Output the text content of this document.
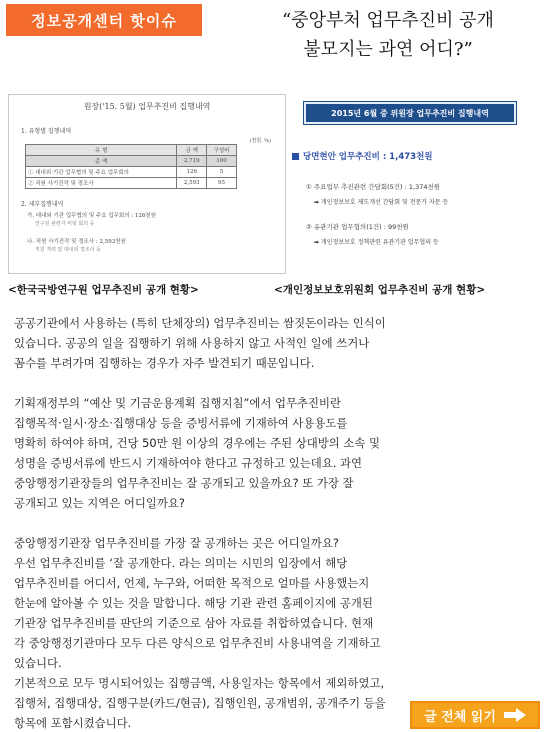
정보공개센터 핫이슈	“중앙부처 업무추진비 공개
불모지는 과연 어디?”
원장('15. 5월) 업무추진비 집행내역
1. 유형별 집행내역
(천원, %)
유 형	금 액	구성비
총 액	2,719	100
① 대내외 기관 업무협의 및 주요 업무회의	126	5
② 직원 사기진작 및 경조사	2,593	95
2. 세부집행내역
가. 대내외 기관 업무협의 및 주요 업무회의 : 126천원
연구원 관련자 미팅 회의 등
나. 직원 사기진작 및 경조사 : 2,593천원
직원 격려 및 대내외 경조사 등
2015년 6월 중 위원장 업무추진비 집행내역
당면현안 업무추진비 : 1,473천원
① 주요업무 추진관련 간담회(5건) : 1,374천원
➡ 개인정보보호 제도개선 간담회 및 전문가 자문 등
② 유관기관 업무협의(1건) : 99천원
➡ 개인정보보호 정책관련 유관기관 업무협의 등
<한국국방연구원 업무추진비 공개 현황>	<개인정보보호위원회 업무추진비 공개 현황>

공공기관에서 사용하는 (특히 단체장의) 업무추진비는 쌈짓돈이라는 인식이

있습니다. 공공의 일을 집행하기 위해 사용하지 않고 사적인 일에 쓰거나

꼼수를 부려가며 집행하는 경우가 자주 발견되기 때문입니다.

기획재정부의 “예산 및 기금운용계획 집행지침”에서 업무추진비란

집행목적·일시·장소·집행대상 등을 증빙서류에 기재하여 사용용도를

명확히 하여야 하며, 건당 50만 원 이상의 경우에는 주된 상대방의 소속 및

성명을 증빙서류에 반드시 기재하여야 한다고 규정하고 있는데요. 과연

중앙행정기관장들의 업무추진비는 잘 공개되고 있을까요? 또 가장 잘

공개되고 있는 지역은 어디일까요?

중앙행정기관장 업무추진비를 가장 잘 공개하는 곳은 어디일까요?

우선 업무추진비를 ‘잘 공개한다. 라는 의미는 시민의 입장에서 해당

업무추진비를 어디서, 언제, 누구와, 어떠한 목적으로 얼마를 사용했는지

한눈에 알아볼 수 있는 것을 말합니다. 해당 기관 관련 홈페이지에 공개된

기관장 업무추진비를 판단의 기준으로 삼아 자료를 취합하였습니다. 현재

각 중앙행정기관마다 모두 다른 양식으로 업무추진비 사용내역을 기재하고

있습니다.

기본적으로 모두 명시되어있는 집행금액, 사용일자는 항목에서 제외하였고,

집행처, 집행대상, 집행구분(카드/현금), 집행인원, 공개범위, 공개주기 등을

항목에 포함시켰습니다.	글 전체 읽기
